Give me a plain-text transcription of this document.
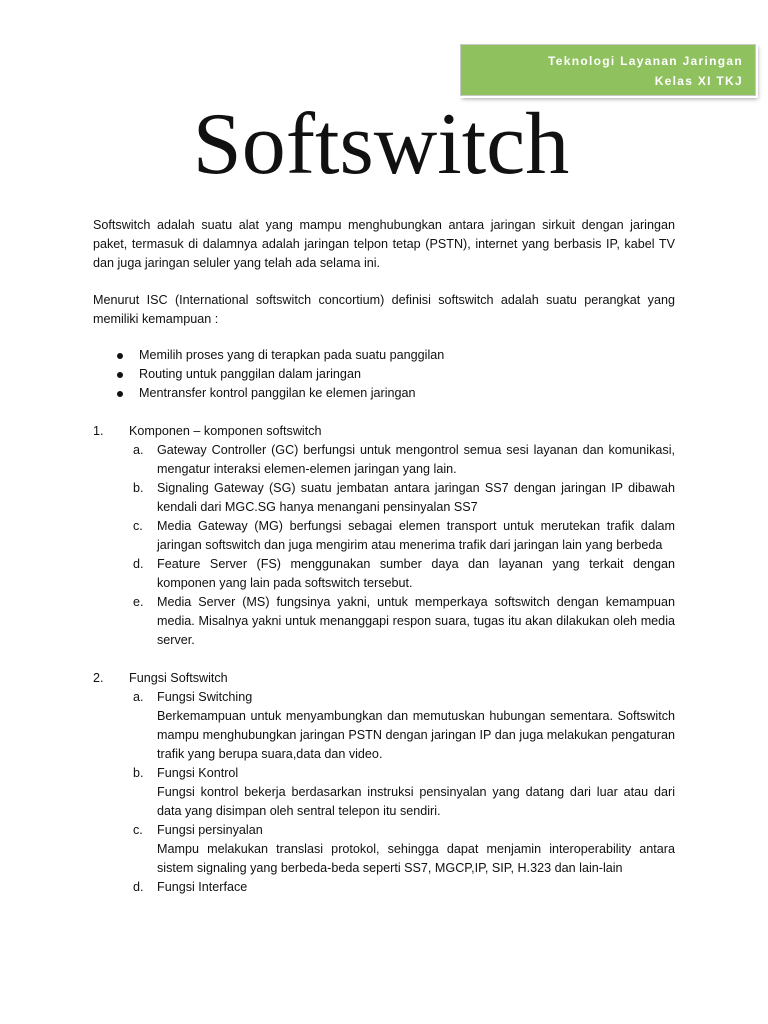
Teknologi Layanan Jaringan
Kelas XI TKJ
Softswitch

Softswitch adalah suatu alat yang mampu menghubungkan antara jaringan sirkuit dengan jaringan paket, termasuk di dalamnya adalah jaringan telpon tetap (PSTN), internet yang berbasis IP, kabel TV dan juga jaringan seluler yang telah ada selama ini.

Menurut ISC (International softswitch concortium) definisi softswitch adalah suatu perangkat yang memiliki kemampuan :

Memilih proses yang di terapkan pada suatu panggilan
Routing untuk panggilan dalam jaringan
Mentransfer kontrol panggilan ke elemen jaringan
1. Komponen – komponen softswitch
a. Gateway Controller (GC) berfungsi untuk mengontrol semua sesi layanan dan komunikasi, mengatur interaksi elemen-elemen jaringan yang lain.
b. Signaling Gateway (SG) suatu jembatan antara jaringan SS7 dengan jaringan IP dibawah kendali dari MGC.SG hanya menangani pensinyalan SS7
c. Media Gateway (MG) berfungsi sebagai elemen transport untuk merutekan trafik dalam jaringan softswitch dan juga mengirim atau menerima trafik dari jaringan lain yang berbeda
d. Feature Server (FS) menggunakan sumber daya dan layanan yang terkait dengan komponen yang lain pada softswitch tersebut.
e. Media Server (MS) fungsinya yakni, untuk memperkaya softswitch dengan kemampuan media. Misalnya yakni untuk menanggapi respon suara, tugas itu akan dilakukan oleh media server.
2. Fungsi Softswitch
a. Fungsi Switching
Berkemampuan untuk menyambungkan dan memutuskan hubungan sementara. Softswitch mampu menghubungkan jaringan PSTN dengan jaringan IP dan juga melakukan pengaturan trafik yang berupa suara,data dan video.
b. Fungsi Kontrol
Fungsi kontrol bekerja berdasarkan instruksi pensinyalan yang datang dari luar atau dari data yang disimpan oleh sentral telepon itu sendiri.
c. Fungsi persinyalan
Mampu melakukan translasi protokol, sehingga dapat menjamin interoperability antara sistem signaling yang berbeda-beda seperti SS7, MGCP,IP, SIP, H.323 dan lain-lain
d. Fungsi Interface
